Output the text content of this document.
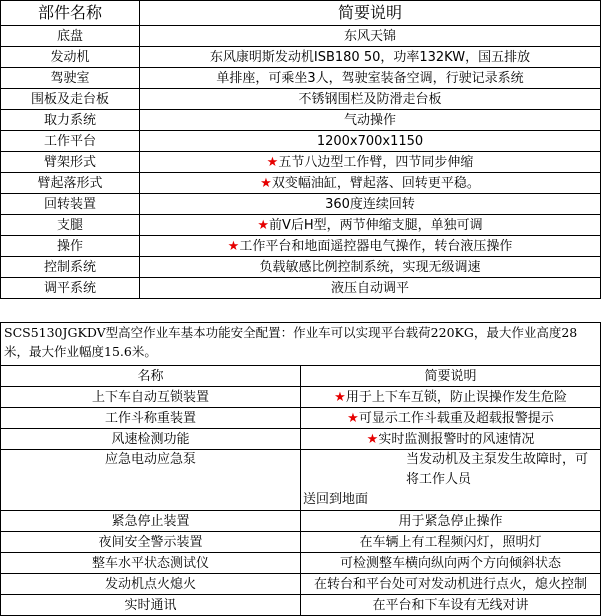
部件名称	简要说明
底盘	东风天锦
发动机	东风康明斯发动机ISB180 50，功率132KW，国五排放
驾驶室	单排座，可乘坐3人，驾驶室装备空调，行驶记录系统
围板及走台板	不锈钢围栏及防滑走台板
取力系统	气动操作
工作平台	1200x700x1150
臂架形式	★五节八边型工作臂，四节同步伸缩
臂起落形式	★双变幅油缸，臂起落、回转更平稳。
回转装置	360度连续回转
支腿	★前V后H型，两节伸缩支腿，单独可调
操作	★工作平台和地面遥控器电气操作，转台液压操作
控制系统	负载敏感比例控制系统，实现无级调速
调平系统	液压自动调平
SCS5130JGKDV型高空作业车基本功能安全配置：作业车可以实现平台载荷220KG，最大作业高度28米，最大作业幅度15.6米。	
名称	简要说明
上下车自动互锁装置	★用于上下车互锁，防止误操作发生危险
工作斗称重装置	★可显示工作斗载重及超载报警提示
风速检测功能	★实时监测报警时的风速情况
应急电动应急泵	当发动机及主泵发生故障时，可将工作人员
送回到地面

紧急停止装置	用于紧急停止操作
夜间安全警示装置	在车辆上有工程频闪灯，照明灯
整车水平状态测试仪	可检测整车横向纵向两个方向倾斜状态
发动机点火熄火	在转台和平台处可对发动机进行点火，熄火控制
实时通讯	在平台和下车设有无线对讲
